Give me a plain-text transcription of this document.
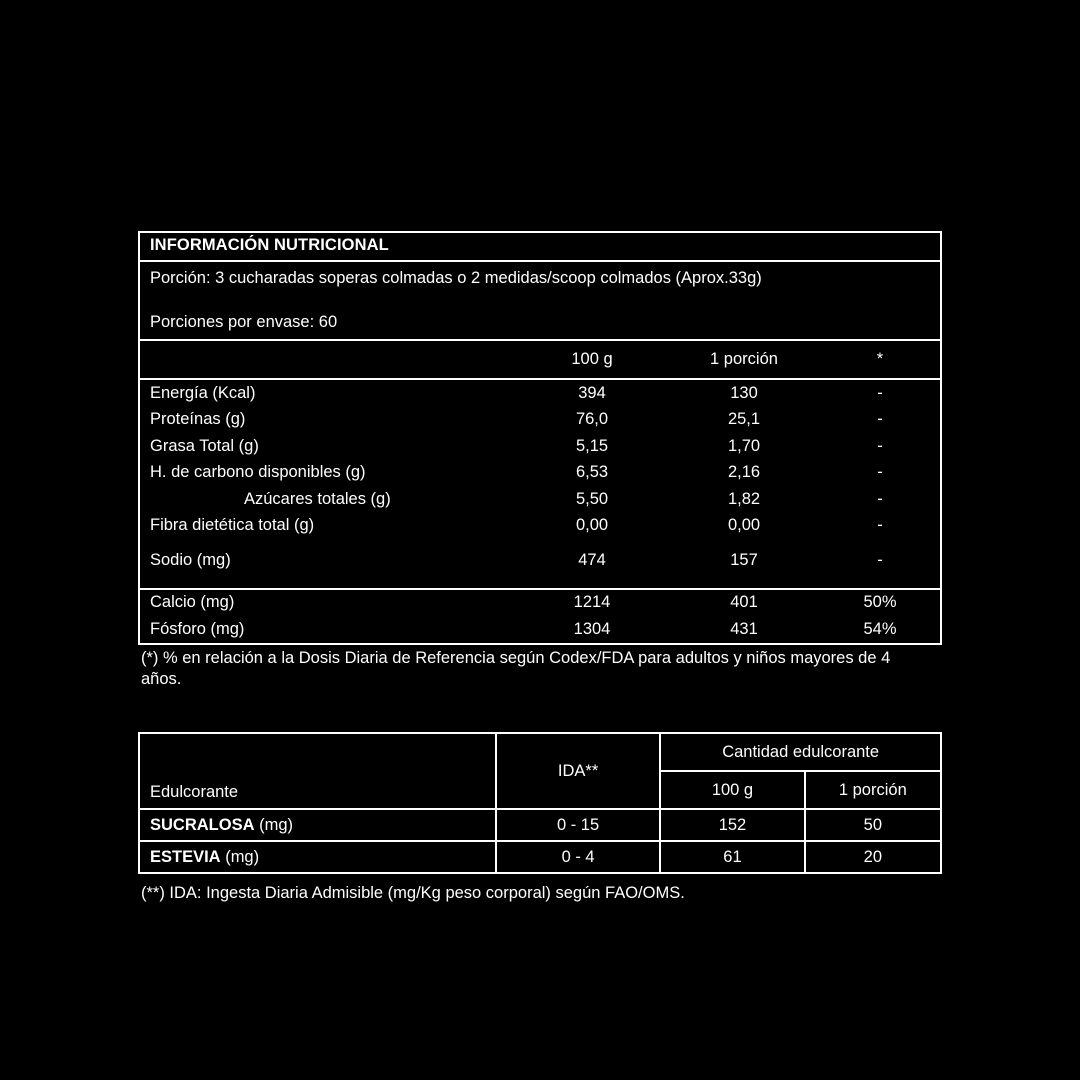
INFORMACIÓN NUTRICIONAL
Porción: 3 cucharadas soperas colmadas o 2 medidas/scoop colmados (Aprox.33g)
Porciones por envase: 60
	100 g	1 porción	*
Energía (Kcal)	394	130	-
Proteínas (g)	76,0	25,1	-
Grasa Total (g)	5,15	1,70	-
H. de carbono disponibles (g)	6,53	2,16	-
Azúcares totales (g)	5,50	1,82	-
Fibra dietética total (g)	0,00	0,00	-
Sodio (mg)	474	157	-

Calcio (mg)	1214	401	50%
Fósforo (mg)	1304	431	54%
(*) % en relación a la Dosis Diaria de Referencia según Codex/FDA para adultos y niños mayores de 4 años.
Edulcorante	IDA**	Cantidad edulcorante	
		100 g	1 porción
SUCRALOSA (mg)	0 - 15	152	50
ESTEVIA (mg)	0 - 4	61	20
(**) IDA: Ingesta Diaria Admisible (mg/Kg peso corporal) según FAO/OMS.
